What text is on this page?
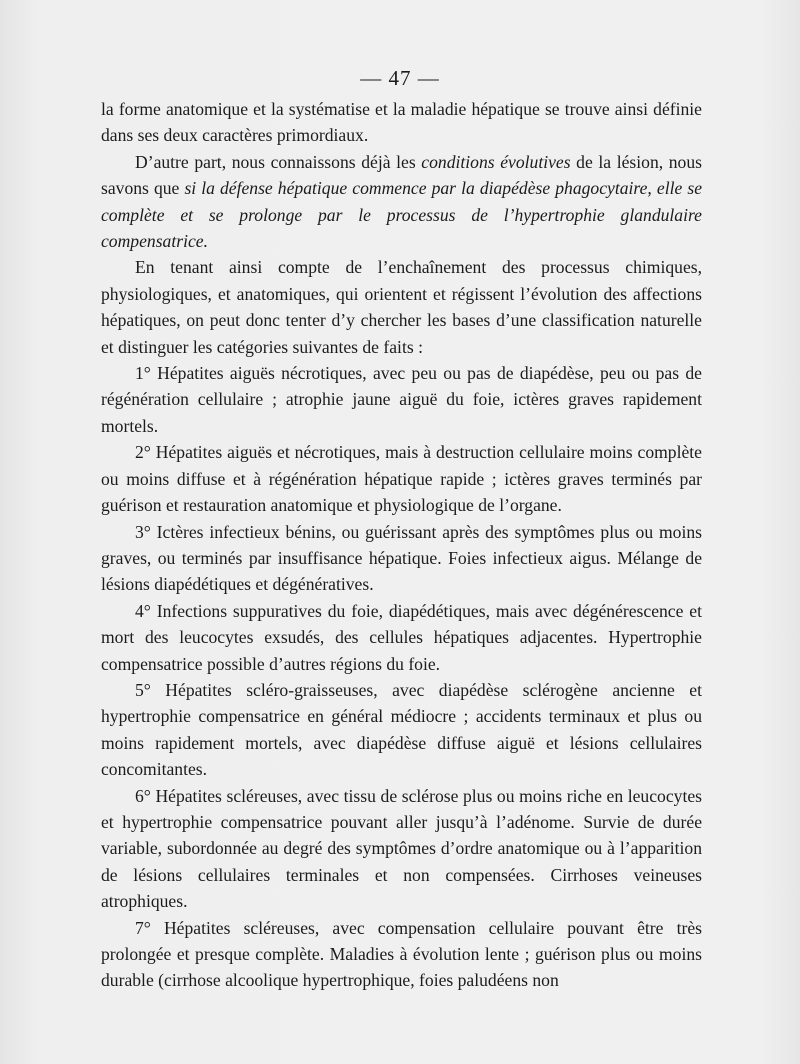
— 47 —

la forme anatomique et la systématise et la maladie hépatique se trouve ainsi définie dans ses deux caractères primordiaux.

D’autre part, nous connaissons déjà les conditions évolutives de la lésion, nous savons que si la défense hépatique commence par la diapédèse phagocytaire, elle se complète et se prolonge par le processus de l’hypertrophie glandulaire compensatrice.

En tenant ainsi compte de l’enchaînement des processus chimiques, physiologiques, et anatomiques, qui orientent et régissent l’évolution des affections hépatiques, on peut donc tenter d’y chercher les bases d’une classification naturelle et distinguer les catégories suivantes de faits :

1° Hépatites aiguës nécrotiques, avec peu ou pas de diapédèse, peu ou pas de régénération cellulaire ; atrophie jaune aiguë du foie, ictères graves rapidement mortels.

2° Hépatites aiguës et nécrotiques, mais à destruction cellulaire moins complète ou moins diffuse et à régénération hépatique rapide ; ictères graves terminés par guérison et restauration anatomique et physiologique de l’organe.

3° Ictères infectieux bénins, ou guérissant après des symptômes plus ou moins graves, ou terminés par insuffisance hépatique. Foies infectieux aigus. Mélange de lésions diapédétiques et dégénératives.

4° Infections suppuratives du foie, diapédétiques, mais avec dégénérescence et mort des leucocytes exsudés, des cellules hépatiques adjacentes. Hypertrophie compensatrice possible d’autres régions du foie.

5° Hépatites scléro-graisseuses, avec diapédèse sclérogène ancienne et hypertrophie compensatrice en général médiocre ; accidents terminaux et plus ou moins rapidement mortels, avec diapédèse diffuse aiguë et lésions cellulaires concomitantes.

6° Hépatites scléreuses, avec tissu de sclérose plus ou moins riche en leucocytes et hypertrophie compensatrice pouvant aller jusqu’à l’adénome. Survie de durée variable, subordonnée au degré des symptômes d’ordre anatomique ou à l’apparition de lésions cellulaires terminales et non compensées. Cirrhoses veineuses atrophiques.

7° Hépatites scléreuses, avec compensation cellulaire pouvant être très prolongée et presque complète. Maladies à évolution lente ; guérison plus ou moins durable (cirrhose alcoolique hypertrophique, foies paludéens non
